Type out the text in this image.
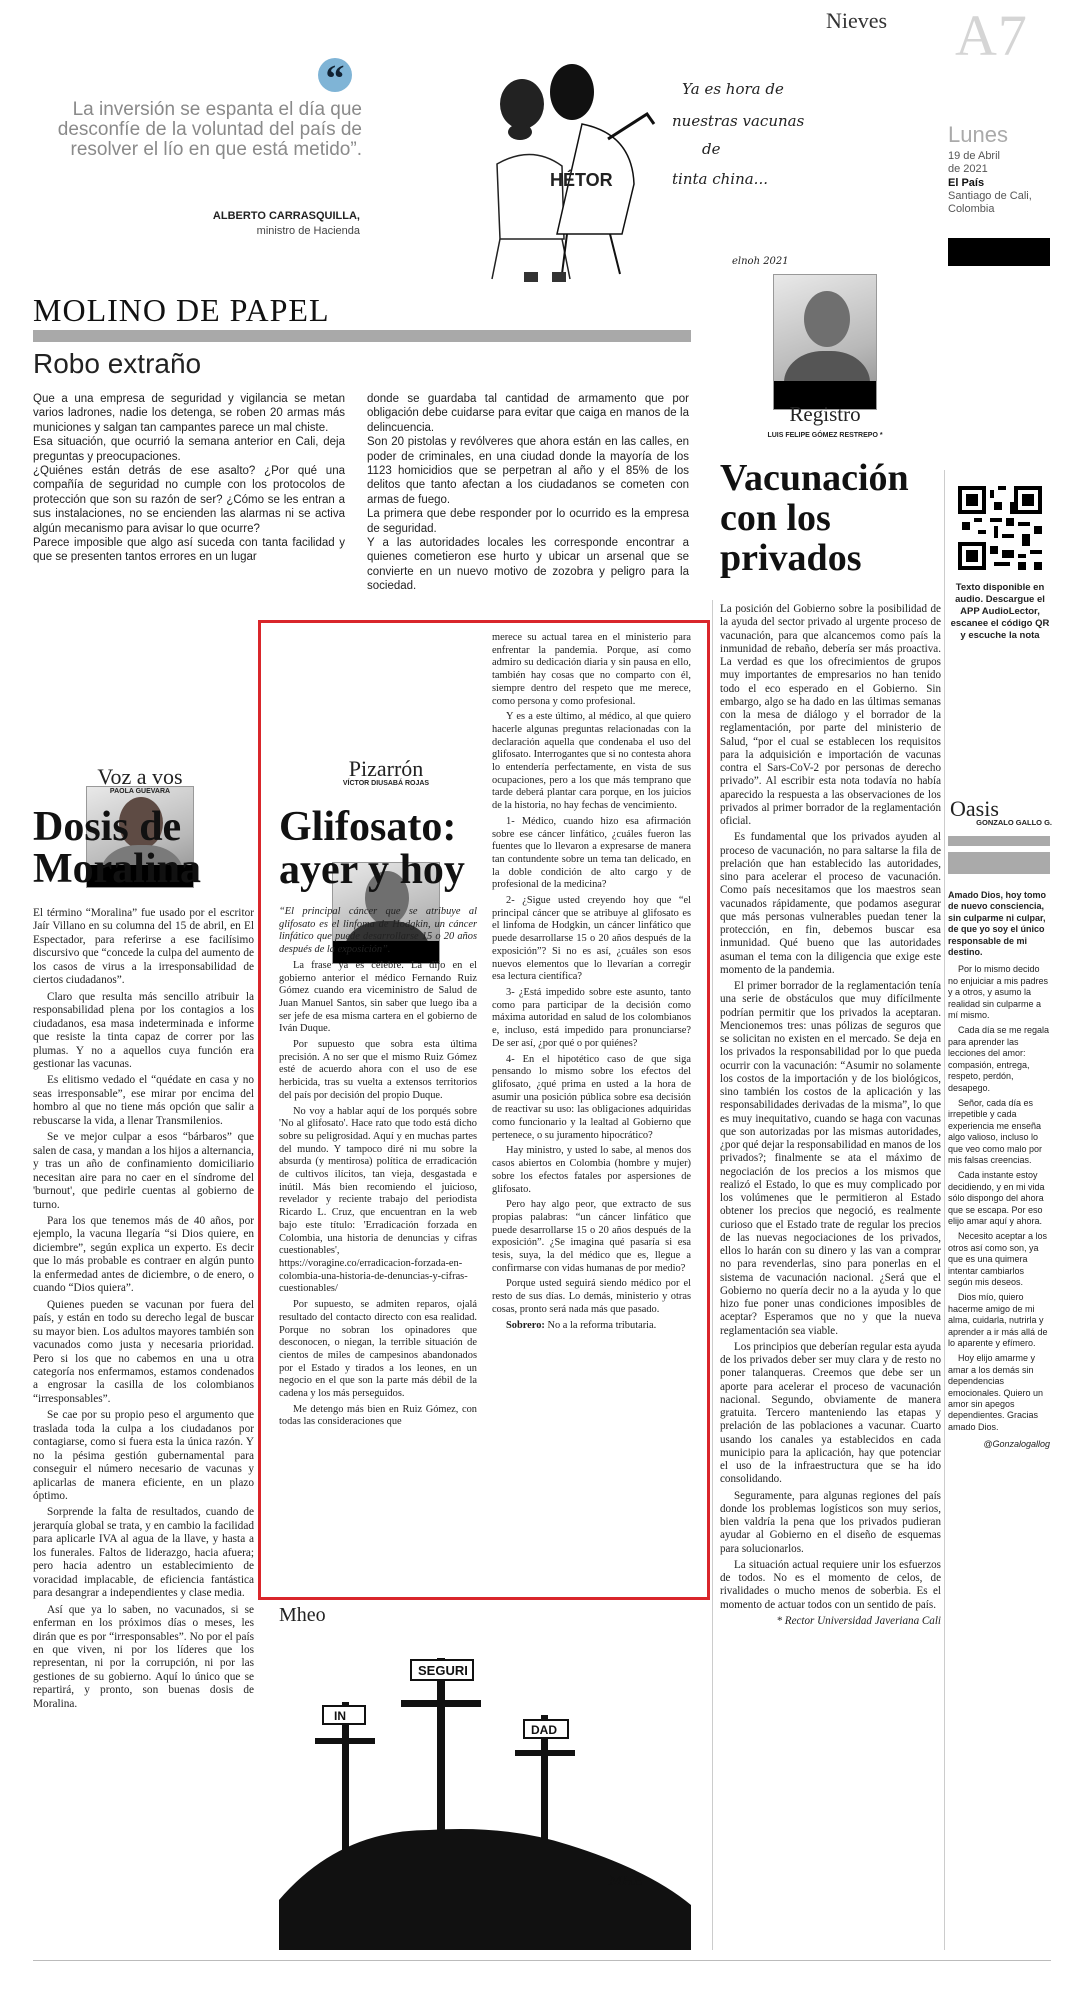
Nieves A7
Lunes
19 de Abril
de 2021
El País
Santiago de Cali,
Colombia
“
La inversión se espanta el día que desconfíe de la voluntad del país de resolver el lío en que está metido”.
ALBERTO CARRASQUILLA,
ministro de Hacienda
HÉTOR
Ya es hora de
nuestras vacunas
de
tinta china...
elnoh 2021
MOLINO DE PAPEL
Robo extraño
Que a una empresa de seguridad y vigilancia se metan varios ladrones, nadie los detenga, se roben 20 armas más municiones y salgan tan campantes parece un mal chiste.
Esa situación, que ocurrió la semana anterior en Cali, deja preguntas y preocupaciones.
¿Quiénes están detrás de ese asalto? ¿Por qué una compañía de seguridad no cumple con los protocolos de protección que son su razón de ser? ¿Cómo se les entran a sus instalaciones, no se encienden las alarmas ni se activa algún mecanismo para avisar lo que ocurre?
Parece imposible que algo así suceda con tanta facilidad y que se presenten tantos errores en un lugar
donde se guardaba tal cantidad de armamento que por obligación debe cuidarse para evitar que caiga en manos de la delincuencia.
Son 20 pistolas y revólveres que ahora están en las calles, en poder de criminales, en una ciudad donde la mayoría de los 1123 homicidios que se perpetran al año y el 85% de los delitos que tanto afectan a los ciudadanos se cometen con armas de fuego.
La primera que debe responder por lo ocurrido es la empresa de seguridad.
Y a las autoridades locales les corresponde encontrar a quienes cometieron ese hurto y ubicar un arsenal que se convierte en un nuevo motivo de zozobra y peligro para la sociedad.
Registro
LUIS FELIPE GÓMEZ RESTREPO *
Vacunación con los privados

La posición del Gobierno sobre la posibilidad de la ayuda del sector privado al urgente proceso de vacunación, para que alcancemos como país la inmunidad de rebaño, debería ser más proactiva. La verdad es que los ofrecimientos de grupos muy importantes de empresarios no han tenido todo el eco esperado en el Gobierno. Sin embargo, algo se ha dado en las últimas semanas con la mesa de diálogo y el borrador de la reglamentación, por parte del ministerio de Salud, “por el cual se establecen los requisitos para la adquisición e importación de vacunas contra el Sars-CoV-2 por personas de derecho privado”. Al escribir esta nota todavía no había aparecido la respuesta a las observaciones de los privados al primer borrador de la reglamentación oficial.

Es fundamental que los privados ayuden al proceso de vacunación, no para saltarse la fila de prelación que han establecido las autoridades, sino para acelerar el proceso de vacunación. Como país necesitamos que los maestros sean vacunados rápidamente, que podamos asegurar que más personas vulnerables puedan tener la protección, en fin, debemos buscar esa inmunidad. Qué bueno que las autoridades asuman el tema con la diligencia que exige este momento de la pandemia.

El primer borrador de la reglamentación tenía una serie de obstáculos que muy difícilmente podrían permitir que los privados la aceptaran. Mencionemos tres: unas pólizas de seguros que se solicitan no existen en el mercado. Se deja en los privados la responsabilidad por lo que pueda ocurrir con la vacunación: “Asumir no solamente los costos de la importación y de los biológicos, sino también los costos de la aplicación y las responsabilidades derivadas de la misma”, lo que es muy inequitativo, cuando se haga con vacunas que son autorizadas por las mismas autoridades, ¿por qué dejar la responsabilidad en manos de los privados?; finalmente se ata el máximo de negociación de los precios a los mismos que realizó el Estado, lo que es muy complicado por los volúmenes que le permitieron al Estado obtener los precios que negoció, es realmente curioso que el Estado trate de regular los precios de las nuevas negociaciones de los privados, ellos lo harán con su dinero y las van a comprar no para revenderlas, sino para ponerlas en el sistema de vacunación nacional. ¿Será que el Gobierno no quería decir no a la ayuda y lo que hizo fue poner unas condiciones imposibles de aceptar? Esperamos que no y que la nueva reglamentación sea viable.

Los principios que deberían regular esta ayuda de los privados deber ser muy clara y de resto no poner talanqueras. Creemos que debe ser un aporte para acelerar el proceso de vacunación nacional. Segundo, obviamente de manera gratuita. Tercero manteniendo las etapas y prelación de las poblaciones a vacunar. Cuarto usando los canales ya establecidos en cada municipio para la aplicación, hay que potenciar el uso de la infraestructura que se ha ido consolidando.

Seguramente, para algunas regiones del país donde los problemas logísticos son muy serios, bien valdría la pena que los privados pudieran ayudar al Gobierno en el diseño de esquemas para solucionarlos.

La situación actual requiere unir los esfuerzos de todos. No es el momento de celos, de rivalidades o mucho menos de soberbia. Es el momento de actuar todos con un sentido de país.

* Rector Universidad Javeriana Cali

Texto disponible en audio. Descargue el APP AudioLector, escanee el código QR y escuche la nota
Oasis
GONZALO GALLO G.
Amado Dios, hoy tomo de nuevo consciencia, sin culparme ni culpar, de que yo soy el único responsable de mi destino.
Por lo mismo decido no enjuiciar a mis padres y a otros, y asumo la realidad sin culparme a mí mismo.
Cada día se me regala para aprender las lecciones del amor: compasión, entrega, respeto, perdón, desapego.
Señor, cada día es irrepetible y cada experiencia me enseña algo valioso, incluso lo que veo como malo por mis falsas creencias.
Cada instante estoy decidiendo, y en mi vida sólo dispongo del ahora que se escapa. Por eso elijo amar aquí y ahora.
Necesito aceptar a los otros así como son, ya que es una quimera intentar cambiarlos según mis deseos.
Dios mío, quiero hacerme amigo de mi alma, cuidarla, nutrirla y aprender a ir más allá de lo aparente y efímero.
Hoy elijo amarme y amar a los demás sin dependencias emocionales. Quiero un amor sin apegos dependientes. Gracias amado Dios.
@Gonzalogallog
Voz a vos
PAOLA GUEVARA
Dosis de Moralina

El término “Moralina” fue usado por el escritor Jaír Villano en su columna del 15 de abril, en El Espectador, para referirse a ese facilísimo discursivo que “concede la culpa del aumento de los casos de virus a la irresponsabilidad de ciertos ciudadanos”.

Claro que resulta más sencillo atribuir la responsabilidad plena por los contagios a los ciudadanos, esa masa indeterminada e informe que resiste la tinta capaz de correr por las plumas. Y no a aquellos cuya función era gestionar las vacunas.

Es elitismo vedado el “quédate en casa y no seas irresponsable”, ese mirar por encima del hombro al que no tiene más opción que salir a rebuscarse la vida, a llenar Transmilenios.

Se ve mejor culpar a esos “bárbaros” que salen de casa, y mandan a los hijos a alternancia, y tras un año de confinamiento domiciliario necesitan aire para no caer en el síndrome del 'burnout', que pedirle cuentas al gobierno de turno.

Para los que tenemos más de 40 años, por ejemplo, la vacuna llegaría “si Dios quiere, en diciembre”, según explica un experto. Es decir que lo más probable es contraer en algún punto la enfermedad antes de diciembre, o de enero, o cuando “Dios quiera”.

Quienes pueden se vacunan por fuera del país, y están en todo su derecho legal de buscar su mayor bien. Los adultos mayores también son vacunados como justa y necesaria prioridad. Pero si los que no cabemos en una u otra categoría nos enfermamos, estamos condenados a engrosar la casilla de los colombianos “irresponsables”.

Se cae por su propio peso el argumento que traslada toda la culpa a los ciudadanos por contagiarse, como si fuera esta la única razón. Y no la pésima gestión gubernamental para conseguir el número necesario de vacunas y aplicarlas de manera eficiente, en un plazo óptimo.

Sorprende la falta de resultados, cuando de jerarquía global se trata, y en cambio la facilidad para aplicarle IVA al agua de la llave, y hasta a los funerales. Faltos de liderazgo, hacia afuera; pero hacia adentro un establecimiento de voracidad implacable, de eficiencia fantástica para desangrar a independientes y clase media.

Así que ya lo saben, no vacunados, si se enferman en los próximos días o meses, les dirán que es por “irresponsables”. No por el país en que viven, ni por los líderes que los representan, ni por la corrupción, ni por las gestiones de su gobierno. Aquí lo único que se repartirá, y pronto, son buenas dosis de Moralina.

Pizarrón
VÍCTOR DIUSABÁ ROJAS
Glifosato: ayer y hoy

“El principal cáncer que se atribuye al glifosato es el linfoma de Hodgkin, un cáncer linfático que puede desarrollarse 15 o 20 años después de la exposición”.

La frase ya es célebre. La dijo en el gobierno anterior el médico Fernando Ruiz Gómez cuando era viceministro de Salud de Juan Manuel Santos, sin saber que luego iba a ser jefe de esa misma cartera en el gobierno de Iván Duque.

Por supuesto que sobra esta última precisión. A no ser que el mismo Ruiz Gómez esté de acuerdo ahora con el uso de ese herbicida, tras su vuelta a extensos territorios del país por decisión del propio Duque.

No voy a hablar aquí de los porqués sobre 'No al glifosato'. Hace rato que todo está dicho sobre su peligrosidad. Aquí y en muchas partes del mundo. Y tampoco diré ni mu sobre la absurda (y mentirosa) política de erradicación de cultivos ilícitos, tan vieja, desgastada e inútil. Más bien recomiendo el juicioso, revelador y reciente trabajo del periodista Ricardo L. Cruz, que encuentran en la web bajo este título: 'Erradicación forzada en Colombia, una historia de denuncias y cifras cuestionables', https://voragine.co/erradicacion-forzada-en-colombia-una-historia-de-denuncias-y-cifras-cuestionables/

Por supuesto, se admiten reparos, ojalá resultado del contacto directo con esa realidad. Porque no sobran los opinadores que desconocen, o niegan, la terrible situación de cientos de miles de campesinos abandonados por el Estado y tirados a los leones, en un negocio en el que son la parte más débil de la cadena y los más perseguidos.

Me detengo más bien en Ruiz Gómez, con todas las consideraciones que

merece su actual tarea en el ministerio para enfrentar la pandemia. Porque, así como admiro su dedicación diaria y sin pausa en ello, también hay cosas que no comparto con él, siempre dentro del respeto que me merece, como persona y como profesional.

Y es a este último, al médico, al que quiero hacerle algunas preguntas relacionadas con la declaración aquella que condenaba el uso del glifosato. Interrogantes que si no contesta ahora lo entendería perfectamente, en vista de sus ocupaciones, pero a los que más temprano que tarde deberá plantar cara porque, en los juicios de la historia, no hay fechas de vencimiento.

1- Médico, cuando hizo esa afirmación sobre ese cáncer linfático, ¿cuáles fueron las fuentes que lo llevaron a expresarse de manera tan contundente sobre un tema tan delicado, en la doble condición de alto cargo y de profesional de la medicina?

2- ¿Sigue usted creyendo hoy que “el principal cáncer que se atribuye al glifosato es el linfoma de Hodgkin, un cáncer linfático que puede desarrollarse 15 o 20 años después de la exposición”? Si no es así, ¿cuáles son esos nuevos elementos que lo llevarían a corregir esa lectura científica?

3- ¿Está impedido sobre este asunto, tanto como para participar de la decisión como máxima autoridad en salud de los colombianos e, incluso, está impedido para pronunciarse? De ser así, ¿por qué o por quiénes?

4- En el hipotético caso de que siga pensando lo mismo sobre los efectos del glifosato, ¿qué prima en usted a la hora de asumir una posición pública sobre esa decisión de reactivar su uso: las obligaciones adquiridas como funcionario y la lealtad al Gobierno que pertenece, o su juramento hipocrático?

Hay ministro, y usted lo sabe, al menos dos casos abiertos en Colombia (hombre y mujer) sobre los efectos fatales por aspersiones de glifosato.

Pero hay algo peor, que extracto de sus propias palabras: “un cáncer linfático que puede desarrollarse 15 o 20 años después de la exposición”. ¿Se imagina qué pasaría si esa tesis, suya, la del médico que es, llegue a confirmarse con vidas humanas de por medio?

Porque usted seguirá siendo médico por el resto de sus días. Lo demás, ministerio y otras cosas, pronto será nada más que pasado.

Sobrero: No a la reforma tributaria.

Mheo
SEGURI
IN
DAD
MHE
